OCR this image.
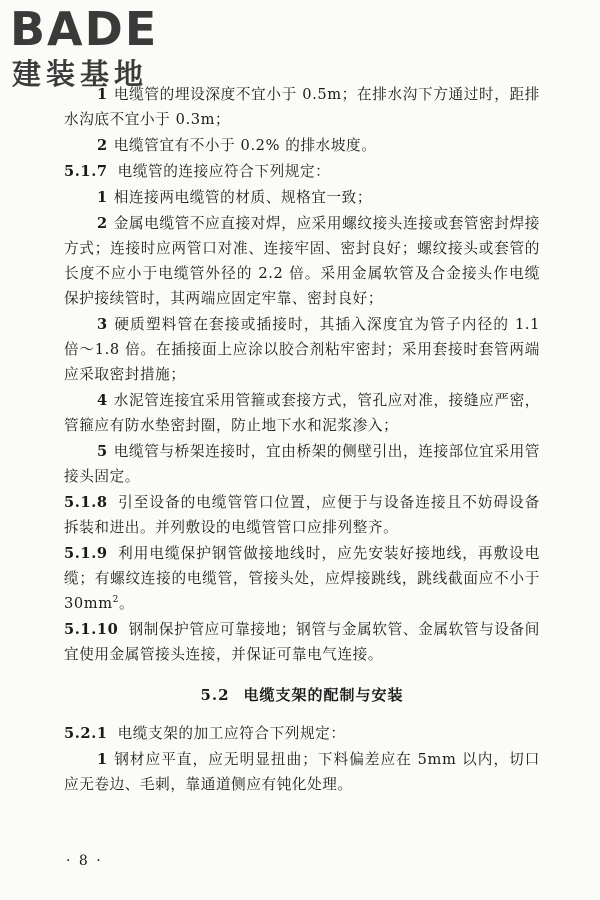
BADE
建装基地

1 电缆管的埋设深度不宜小于 0.5m；在排水沟下方通过时，距排水沟底不宜小于 0.3m；

2 电缆管宜有不小于 0.2% 的排水坡度。

5.1.7 电缆管的连接应符合下列规定：

1 相连接两电缆管的材质、规格宜一致；

2 金属电缆管不应直接对焊，应采用螺纹接头连接或套管密封焊接方式；连接时应两管口对准、连接牢固、密封良好；螺纹接头或套管的长度不应小于电缆管外径的 2.2 倍。采用金属软管及合金接头作电缆保护接续管时，其两端应固定牢靠、密封良好；

3 硬质塑料管在套接或插接时，其插入深度宜为管子内径的 1.1 倍～1.8 倍。在插接面上应涂以胶合剂粘牢密封；采用套接时套管两端应采取密封措施；

4 水泥管连接宜采用管箍或套接方式，管孔应对准，接缝应严密，管箍应有防水垫密封圈，防止地下水和泥浆渗入；

5 电缆管与桥架连接时，宜由桥架的侧壁引出，连接部位宜采用管接头固定。

5.1.8 引至设备的电缆管管口位置，应便于与设备连接且不妨碍设备拆装和进出。并列敷设的电缆管管口应排列整齐。

5.1.9 利用电缆保护钢管做接地线时，应先安装好接地线，再敷设电缆；有螺纹连接的电缆管，管接头处，应焊接跳线，跳线截面应不小于 $30mm^2$。

5.1.10 钢制保护管应可靠接地；钢管与金属软管、金属软管与设备间宜使用金属管接头连接，并保证可靠电气连接。

5.2 电缆支架的配制与安装

5.2.1 电缆支架的加工应符合下列规定：

1 钢材应平直，应无明显扭曲；下料偏差应在 5mm 以内，切口应无卷边、毛刺，靠通道侧应有钝化处理。

· 8 ·
